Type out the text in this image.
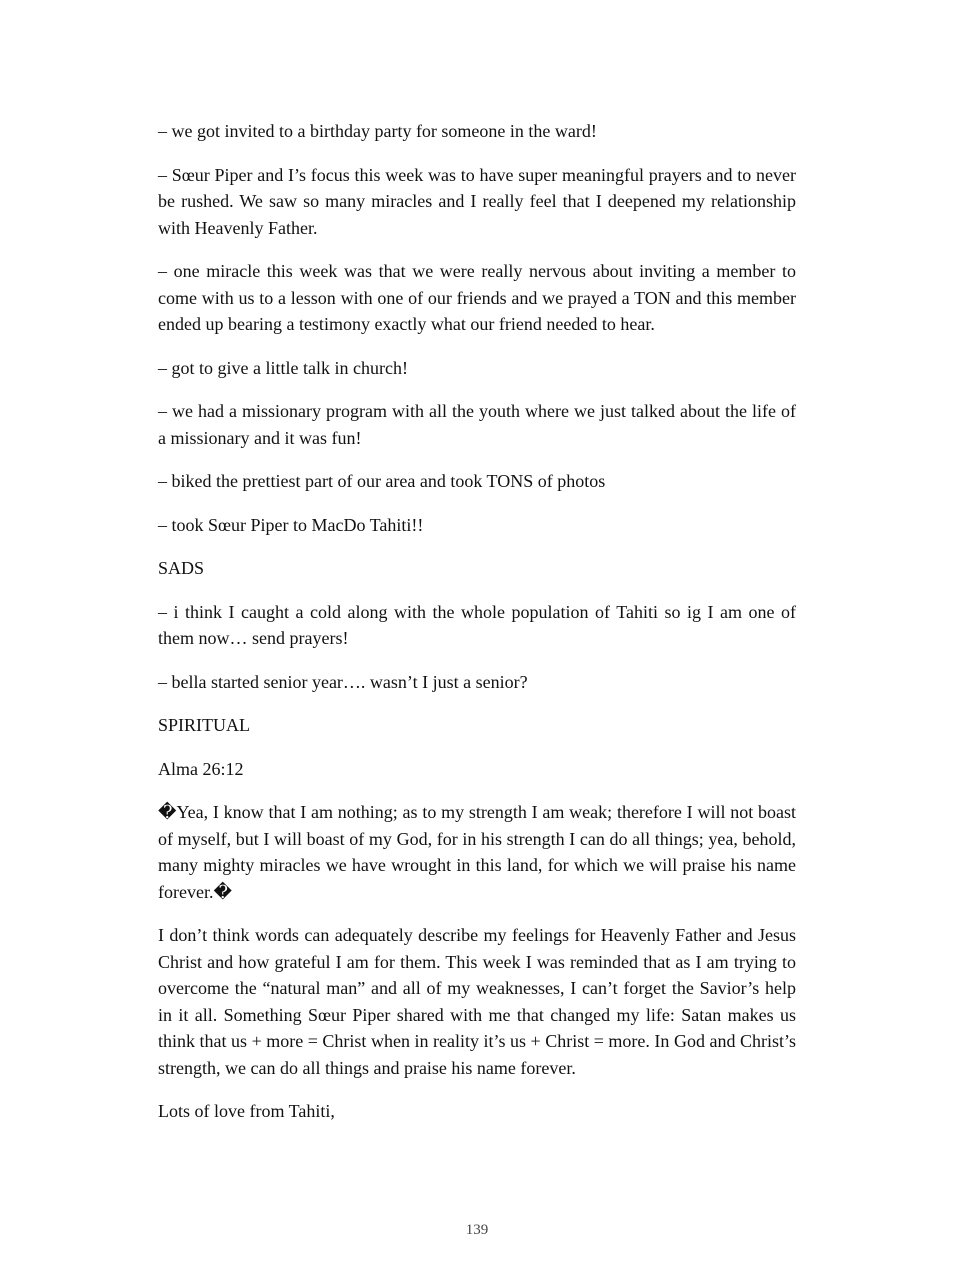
– we got invited to a birthday party for someone in the ward!

– Sœur Piper and I’s focus this week was to have super meaningful prayers and to never be rushed. We saw so many miracles and I really feel that I deepened my relationship with Heavenly Father.

– one miracle this week was that we were really nervous about inviting a member to come with us to a lesson with one of our friends and we prayed a TON and this member ended up bearing a testimony exactly what our friend needed to hear.

– got to give a little talk in church!

– we had a missionary program with all the youth where we just talked about the life of a missionary and it was fun!

– biked the prettiest part of our area and took TONS of photos

– took Sœur Piper to MacDo Tahiti!!

SADS

– i think I caught a cold along with the whole population of Tahiti so ig I am one of them now… send prayers!

– bella started senior year…. wasn’t I just a senior?

SPIRITUAL

Alma 26:12

�Yea, I know that I am nothing; as to my strength I am weak; therefore I will not boast of myself, but I will boast of my God, for in his strength I can do all things; yea, behold, many mighty miracles we have wrought in this land, for which we will praise his name forever.�

I don’t think words can adequately describe my feelings for Heavenly Father and Jesus Christ and how grateful I am for them. This week I was reminded that as I am trying to overcome the “natural man” and all of my weaknesses, I can’t forget the Savior’s help in it all. Something Sœur Piper shared with me that changed my life: Satan makes us think that us + more = Christ when in reality it’s us + Christ = more. In God and Christ’s strength, we can do all things and praise his name forever.

Lots of love from Tahiti,

139
